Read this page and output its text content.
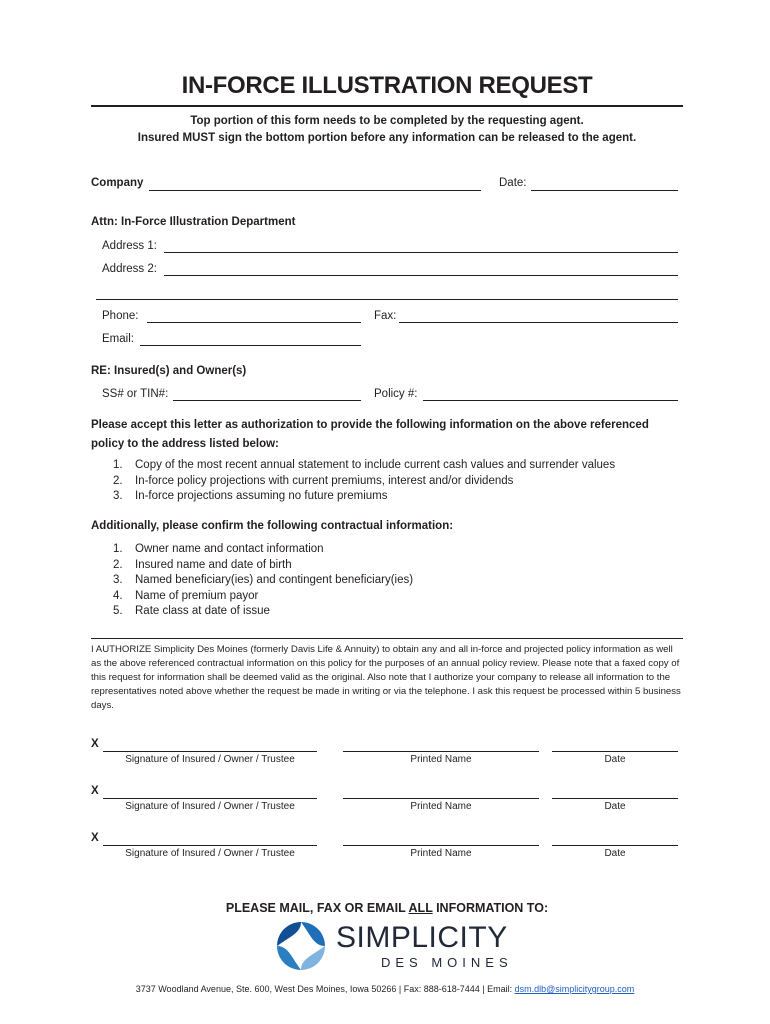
IN-FORCE ILLUSTRATION REQUEST
Top portion of this form needs to be completed by the requesting agent.
Insured MUST sign the bottom portion before any information can be released to the agent.
Company	Date:
Attn: In-Force Illustration Department
Address 1:
Address 2:
Phone:	Fax:
Email:
RE: Insured(s) and Owner(s)
SS# or TIN#:	Policy #:
Please accept this letter as authorization to provide the following information on the above referenced
policy to the address listed below:
1.	Copy of the most recent annual statement to include current cash values and surrender values
2.	In-force policy projections with current premiums, interest and/or dividends
3.	In-force projections assuming no future premiums
Additionally, please confirm the following contractual information:
1.	Owner name and contact information
2.	Insured name and date of birth
3.	Named beneficiary(ies) and contingent beneficiary(ies)
4.	Name of premium payor
5.	Rate class at date of issue
I AUTHORIZE Simplicity Des Moines (formerly Davis Life & Annuity) to obtain any and all in-force and projected policy information as well as the above referenced contractual information on this policy for the purposes of an annual policy review. Please note that a faxed copy of this request for information shall be deemed valid as the original. Also note that I authorize your company to release all information to the representatives noted above whether the request be made in writing or via the telephone. I ask this request be processed within 5 business days.
X
Signature of Insured / Owner / Trustee	Printed Name	Date
X
Signature of Insured / Owner / Trustee	Printed Name	Date
X
Signature of Insured / Owner / Trustee	Printed Name	Date
PLEASE MAIL, FAX OR EMAIL ALL INFORMATION TO:
SIMPLICITY
DES MOINES
3737 Woodland Avenue, Ste. 600, West Des Moines, Iowa 50266 | Fax: 888-618-7444 | Email: dsm.dlb@simplicitygroup.com
